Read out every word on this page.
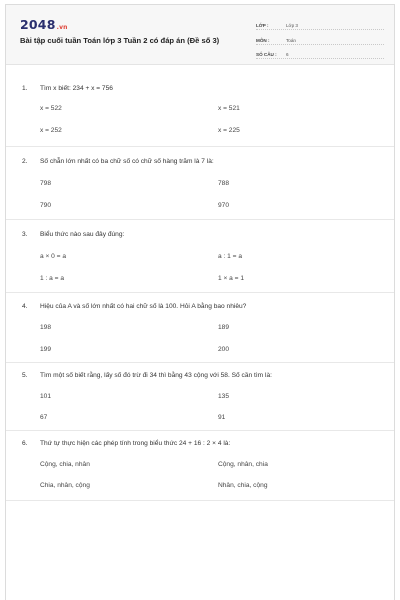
2048.vn
Bài tập cuối tuần Toán lớp 3 Tuần 2 có đáp án (Đề số 3)
LỚP :	Lớp 3
MÔN :	Toán
SỐ CÂU :	6
1. Tìm x biết: 234 + x = 756
x = 522	x = 521
x = 252	x = 225
2. Số chẵn lớn nhất có ba chữ số có chữ số hàng trăm là 7 là:
798	788
790	970
3. Biểu thức nào sau đây đúng:
a × 0 = a	a : 1 = a
1 : a = a	1 × a = 1
4. Hiệu của A và số lớn nhất có hai chữ số là 100. Hỏi A bằng bao nhiêu?
198	189
199	200
5. Tìm một số biết rằng, lấy số đó trừ đi 34 thì bằng 43 cộng với 58. Số cần tìm là:
101	135
67	91
6. Thứ tự thực hiện các phép tính trong biểu thức 24 + 16 : 2 × 4 là:
Cộng, chia, nhân	Cộng, nhân, chia
Chia, nhân, cộng	Nhân, chia, cộng
